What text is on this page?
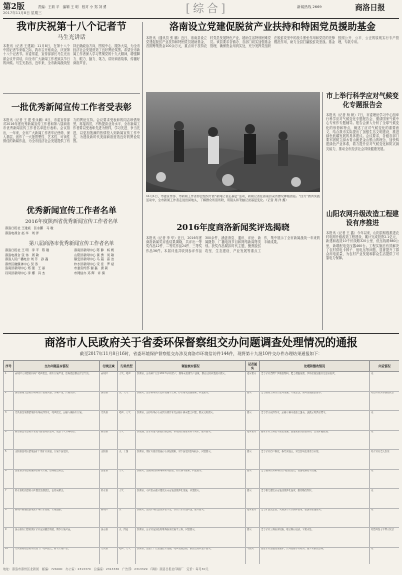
第2版
2017年11月8日 星期三
责编：王莉 平　编辑 王 明　校对 小 郑 刘 勇	[综合]	新闻热线 2669	商洛日报

我市庆祝第十八个记者节

马生光讲话

本报讯（记者 王建斌）11月8日，在第十八个中国记者节来临之际，我市召开座谈会，庆祝第十八个记者节。市委常委、宣传部部长马生光出席会议并讲话，向全市广大新闻工作者致以节日的问候。马生光指出，近年来，全市新闻战线坚持正确政治方向，围绕中心、服务大局，为全市经济社会发展营造了良好舆论氛围。希望全市新闻工作者深入学习贯彻党的十九大精神，增强脚力、眼力、脑力、笔力，讲好商洛故事，传播好商洛声音。

洛南设立党建促脱贫产业扶持和特困党员援助基金

本报讯（通讯员 张 鹏）近日，洛南县设立党建促脱贫产业扶持和特困党员援助基金，首期筹集资金100余万元，重点用于扶持农村党员发展特色产业，援助生活特别困难党员。该县要求各镇办、各部门切实加强基金管理，确保资金用到实处，充分发挥党组织在脱贫攻坚中的战斗堡垒作用和党员的先锋模范作用，助力全县打赢脱贫攻坚战。基金按照公开、公平、公正的原则实行专户管理，专款专用。

一批优秀新闻宣传工作者受表彰

本报讯（记者 王 建 张永鹏）8日，市委宣传部对2016年度优秀新闻宣传工作者和第八届商洛市优秀新闻宣传工作者名单进行表彰。会议指出，一年来，全市广大新闻工作者牢记使命，深入基层，创作了一大批思想性、艺术性、可读性俱佳的新闻作品，为全市经济社会发展提供了有力的舆论支持。会议要求受表彰的同志珍惜荣誉，再接再厉，不断提高业务水平，全市新闻工作者要以受表彰先进为榜样，学习先进、争当先进，以更加饱满的热情投入到新闻宣传工作中去，为建设新时代美丽商洛营造良好的舆论氛围。

优秀新闻宣传工作者名单

2016年度陕西省优秀新闻宣传工作者名单

商洛日报社 王建斌　张永鹏　马 骏
商洛电视台 赵 华　刘 洋

第八届商洛市优秀新闻宣传工作者名单

商洛日报社 王 明　李 平　陈 刚
商洛电视台 张 伟　周 敏
商洛人民广播电台 刘 芳　孙 磊
商州区融媒体中心 吴 涛
洛南县新闻中心 郑 强　王 丽
丹凤县新闻中心 李 娜　冯 杰
商南县新闻中心 陈 静　杨 帆
山阳县新闻中心 黄 勇　何 敏
镇安县新闻中心 马 超　高 洁
柞水县新闻中心 宋 佳　罗 斌
市委宣传部 谢 磊　唐 颖
市网信办 邓 辉　许 倩
11月1日，市委宣传部、市新闻工作者协会组织开展“新闻记者走基层”活动，新闻记者在商南县采访群众种植香菇。“四力”教育实践活动中，全市新闻工作者走进田间地头，了解群众所思所盼，用镜头和笔触记录基层变化。（记者 周 洋 摄）

2016年度商洛新闻奖评选揭晓

本报讯（记者 李 华）近日，2016年度商洛新闻奖评选结果揭晓，共评出一等奖作品12件、二等奖作品24件、三等奖作品36件。本届评选共收到参评作品300余件，涵盖消息、通讯、评论、新闻摄影、广播电视节目和网络新闻等类别。获奖作品紧扣时代主题，聚焦脱贫攻坚、生态建设、产业发展等重点工作，集中展示了全市新闻战线一年来的丰硕成果。

市上举行科学应对气候变化专题报告会

本报讯（记者 杨 帆）7日，市委理论学习中心组举行科学应对气候变化专题报告会，邀请国家气候中心专家作专题辅导。报告会深入分析了全球气候变化的形势和特点，阐述了应对气候变化的重要意义，结合我市实际提出了加强生态文明建设、推进绿色低碳发展的具体建议。会议要求，各级各部门要牢固树立绿水青山就是金山银山的理念，加快构建绿色产业体系，着力提升应对气候变化和防灾减灾能力，推动全市经济社会持续健康发展。

山阳农网升级改造工程建设有序推进

本报讯（记者 王 鑫）今年以来，山阳县积极推进农村电网升级改造工程建设，累计完成投资2.1亿元，新建和改造10千伏线路320公里、低压线路860公里，新增配电变压器460台。工程实施后有效解决了农村供电卡脖子、低电压等问题，显著提升了群众用电质量，为农村产业发展和群众生活提供了可靠电力保障。

商洛市人民政府关于省委环保督察组交办问题调查处理情况的通报

截至2017年11月8日16时，省委环境保护督察组交办涉及商洛市环境信访件144件，现将第十九批10件交办件办理结果通报如下：

序号	交办问题基本情况	行政区域	污染类型	调查核实情况	是否属实	处理和整改情况	问责情况
1	商州区大荆镇某石料厂噪声扰民、粉尘污染严重，影响周边群众正常生活。	商州区	大气、噪声	经调查，该石料厂已于2017年4月停产，现场未发现生产迹象，群众反映问题部分属实。	部分属实	责令企业清理厂区堆放物料，覆盖裸露地面，区环保局加强日常巡查监管。	无
2	洛南县城关镇某养殖场粪污直排河道，臭味严重，污染水体。	洛南县	水、大气	经核实，该养殖场粪污处理设施不完善，存在雨天溢流现象，问题属实。	属实	责令限期完善粪污处理设施，立案处罚，县环保局跟踪督办。	对镇分管领导诫勉谈话
3	丹凤县龙驹寨镇某砂石场夜间作业，噪声扰民，运输车辆扬尘污染。	丹凤县	噪声、大气	经调查，该砂石场存在夜间违规作业及运输车辆未覆盖问题，群众反映属实。	属实	责令停止夜间作业，运输车辆全部加盖篷布，道路定时洒水降尘。	无
4	商南县富水镇某企业废气排放未经处理，周边空气异味明显。	商南县	大气	经监测，该企业废气排放指标达标，但无组织排放管控不到位，部分属实。	部分属实	要求企业完善集气收集设施，加强无组织排放管控，定期开展监测。	无
5	山阳县高坝店镇某选矿厂尾矿库渗漏，污染下游农田。	山阳县	水、土壤	经调查，尾矿库排洪设施存在渗漏现象，对下游农田影响较小，问题属实。	属实	责令企业停产整改，修复渗漏点，对受影响农田进行补偿。	对企业负责人约谈
6	镇安县永乐镇某搅拌站粉尘污染，影响附近居民。	镇安县	大气	经核实，该搅拌站物料堆场未全封闭，存在扬尘现象，问题属实。	属实	责令搅拌站对料场进行全封闭改造，安装喷淋降尘设施。	无
7	柞水县乾佑镇某小区餐饮油烟扰民，长期未解决。	柞水县	大气	经调查，小区底商部分餐饮店未安装油烟净化设施，问题属实。	属实	责令相关餐饮店安装油烟净化装置，限期整改到位。	无
8	商州区陈塬街道某洗车场污水直排，污染道路。	商州区	水	经核实，该洗车场沉淀池容量不足，存在污水外溢问题，部分属实。	部分属实	责令扩建沉淀池，实现洗车污水循环使用，街道办加强监管。	无
9	洛南县石门镇某钒矿企业废渣随意堆放，雨季污染河流。	洛南县	水、固废	经调查，该企业废渣临时堆场防渗措施不完善，问题属实。	属实	责令企业完善防渗设施，规范堆存废渣，立案查处。	对镇环保专干警示谈话
10	丹凤县棣花镇某木材加工厂噪声扰民，粉尘污染严重。	丹凤县	噪声、大气	经调查，该加工厂已安装除尘设施，噪声监测达标，群众反映问题不属实。	不属实	督促企业加强设备维护，合理安排作业时间，减少对群众影响。	无
地址：商洛市商州区北新街　邮编：726000　办公室：2313370　总编室：2313336　广告部：2313329　印刷：商洛日报社印刷厂　定价：每月30元
